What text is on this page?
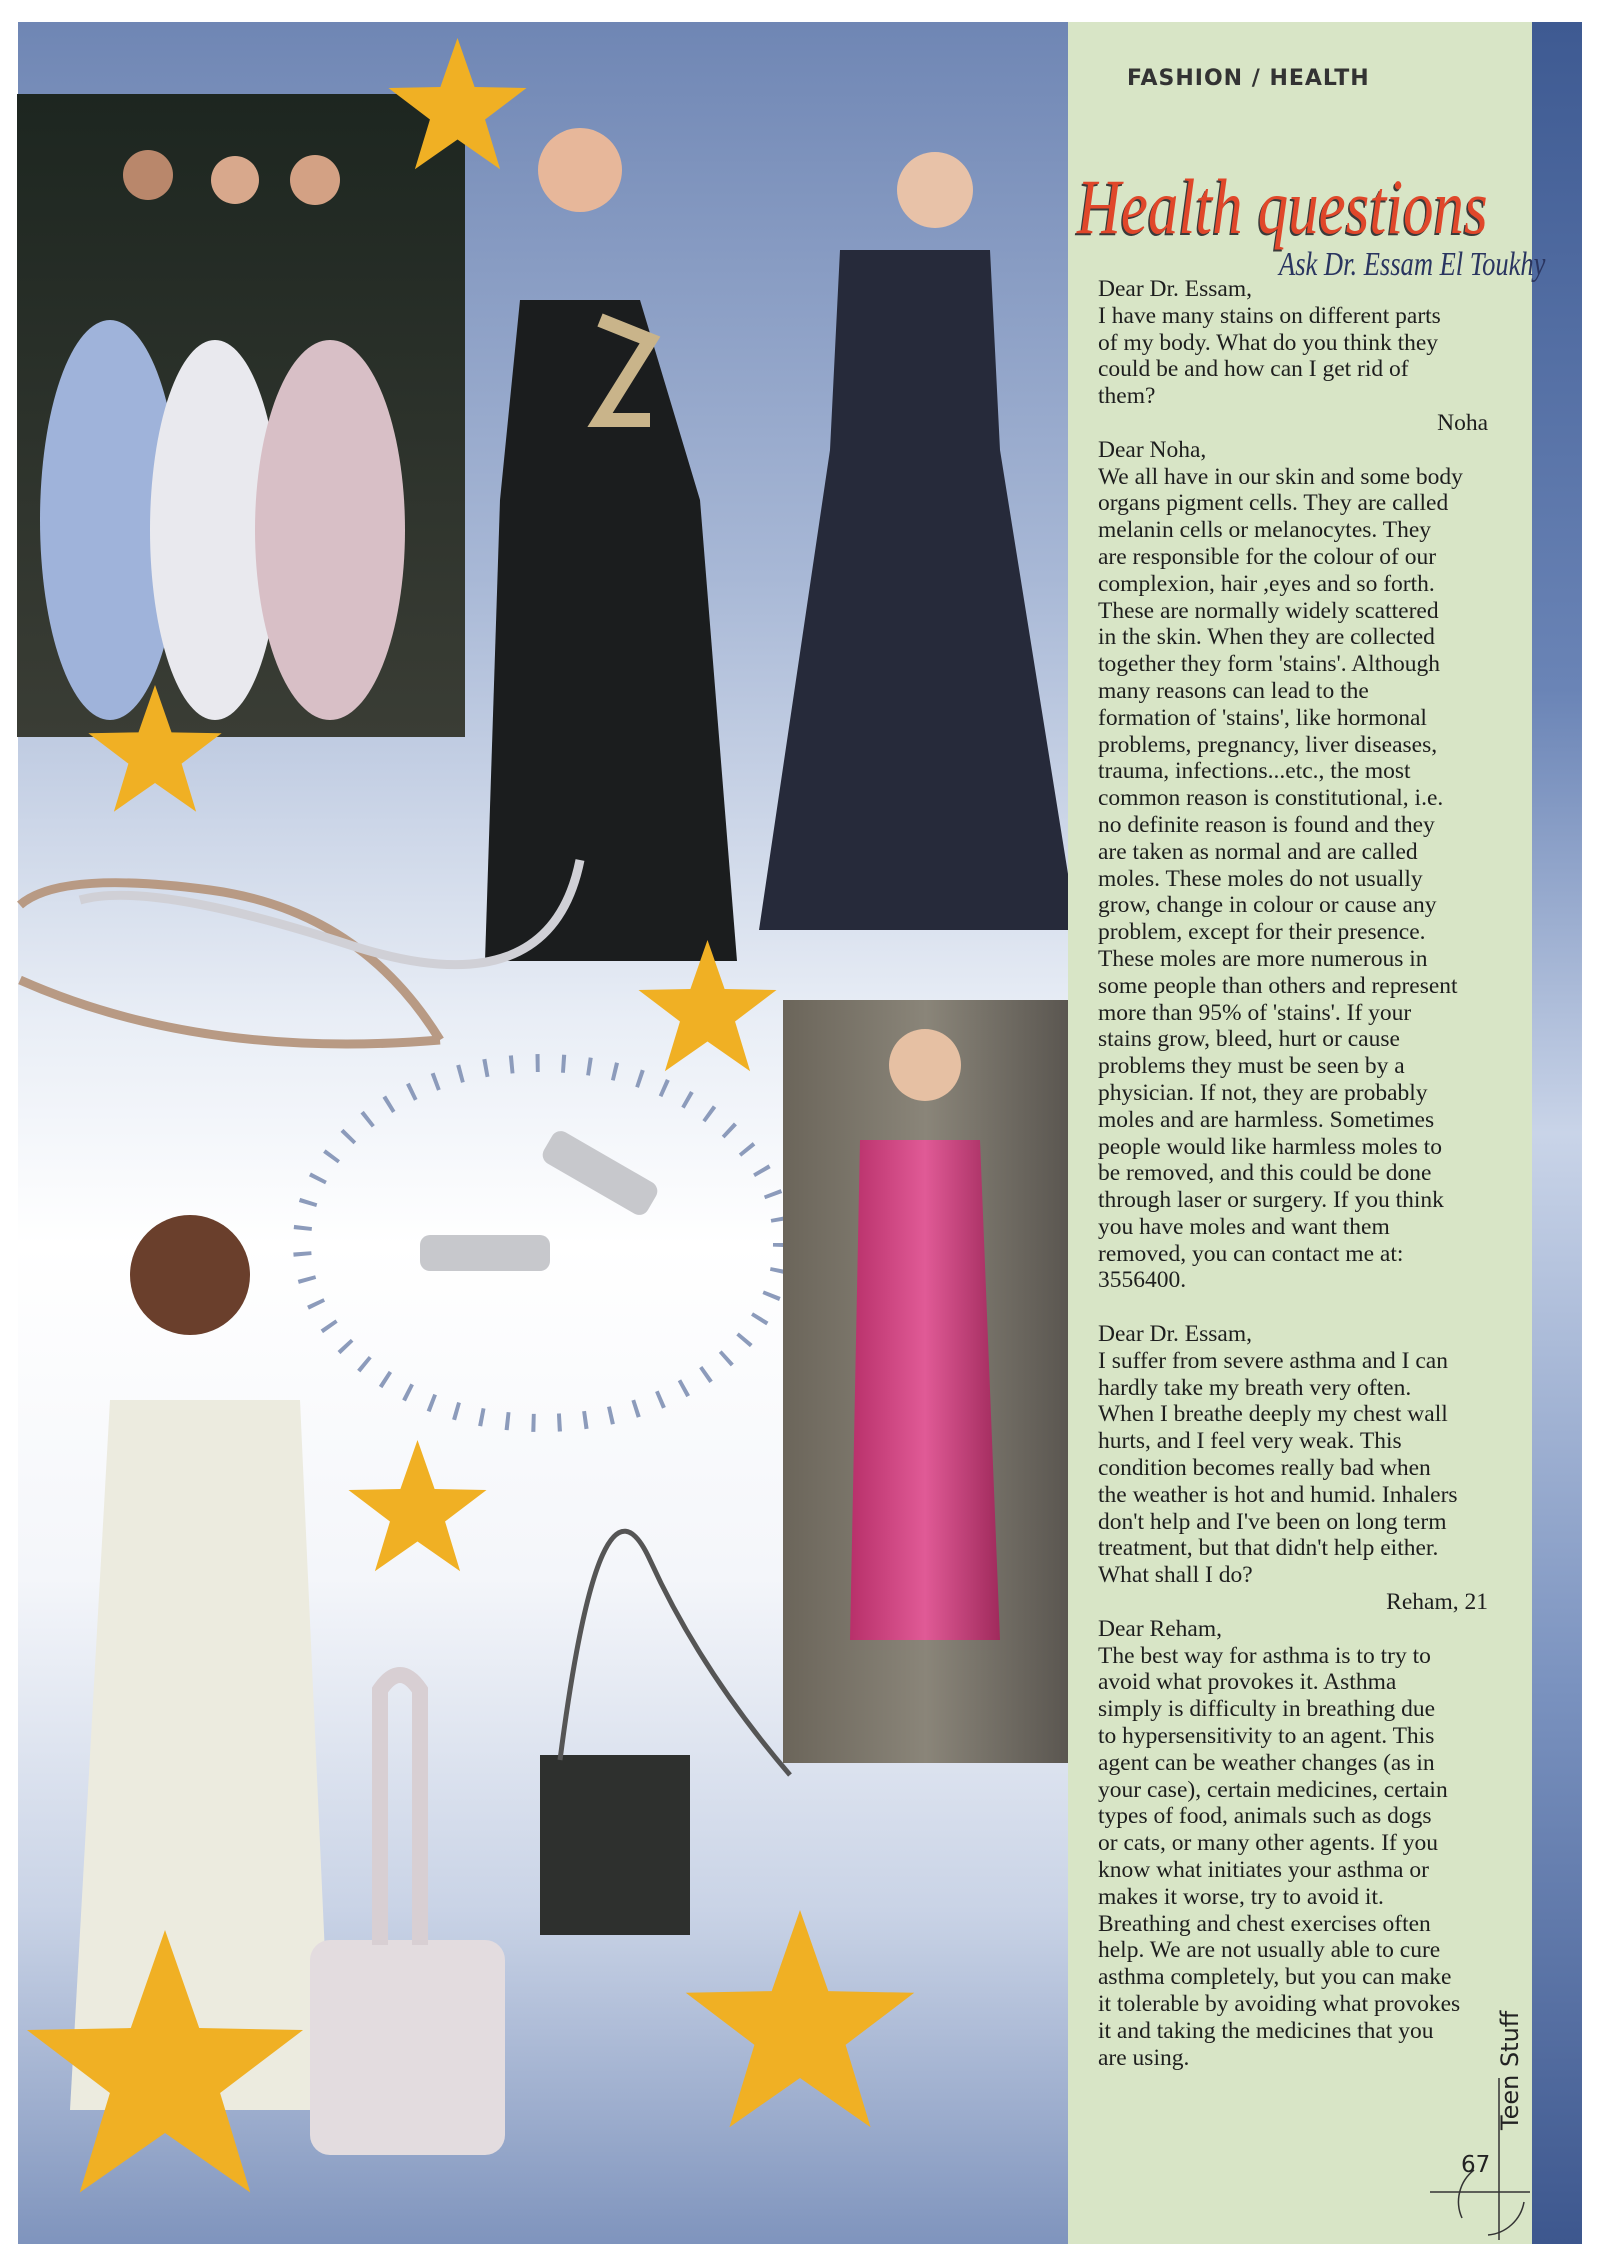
FASHION / HEALTH
Health questions
Ask Dr. Essam El Toukhy
Dear Dr. Essam,
I have many stains on different parts
of my body. What do you think they
could be and how can I get rid of
them?
Noha
Dear Noha,
We all have in our skin and some body
organs pigment cells. They are called
melanin cells or melanocytes. They
are responsible for the colour of our
complexion, hair ,eyes and so forth.
These are normally widely scattered
in the skin. When they are collected
together they form 'stains'. Although
many reasons can lead to the
formation of 'stains', like hormonal
problems, pregnancy, liver diseases,
trauma, infections...etc., the most
common reason is constitutional, i.e.
no definite reason is found and they
are taken as normal and are called
moles. These moles do not usually
grow, change in colour or cause any
problem, except for their presence.
These moles are more numerous in
some people than others and represent
more than 95% of 'stains'. If your
stains grow, bleed, hurt or cause
problems they must be seen by a
physician. If not, they are probably
moles and are harmless. Sometimes
people would like harmless moles to
be removed, and this could be done
through laser or surgery. If you think
you have moles and want them
removed, you can contact me at:
3556400.
Dear Dr. Essam,
I suffer from severe asthma and I can
hardly take my breath very often.
When I breathe deeply my chest wall
hurts, and I feel very weak. This
condition becomes really bad when
the weather is hot and humid. Inhalers
don't help and I've been on long term
treatment, but that didn't help either.
What shall I do?
Reham, 21
Dear Reham,
The best way for asthma is to try to
avoid what provokes it. Asthma
simply is difficulty in breathing due
to hypersensitivity to an agent. This
agent can be weather changes (as in
your case), certain medicines, certain
types of food, animals such as dogs
or cats, or many other agents. If you
know what initiates your asthma or
makes it worse, try to avoid it.
Breathing and chest exercises often
help. We are not usually able to cure
asthma completely, but you can make
it tolerable by avoiding what provokes
it and taking the medicines that you
are using.	Teen Stuff
67
